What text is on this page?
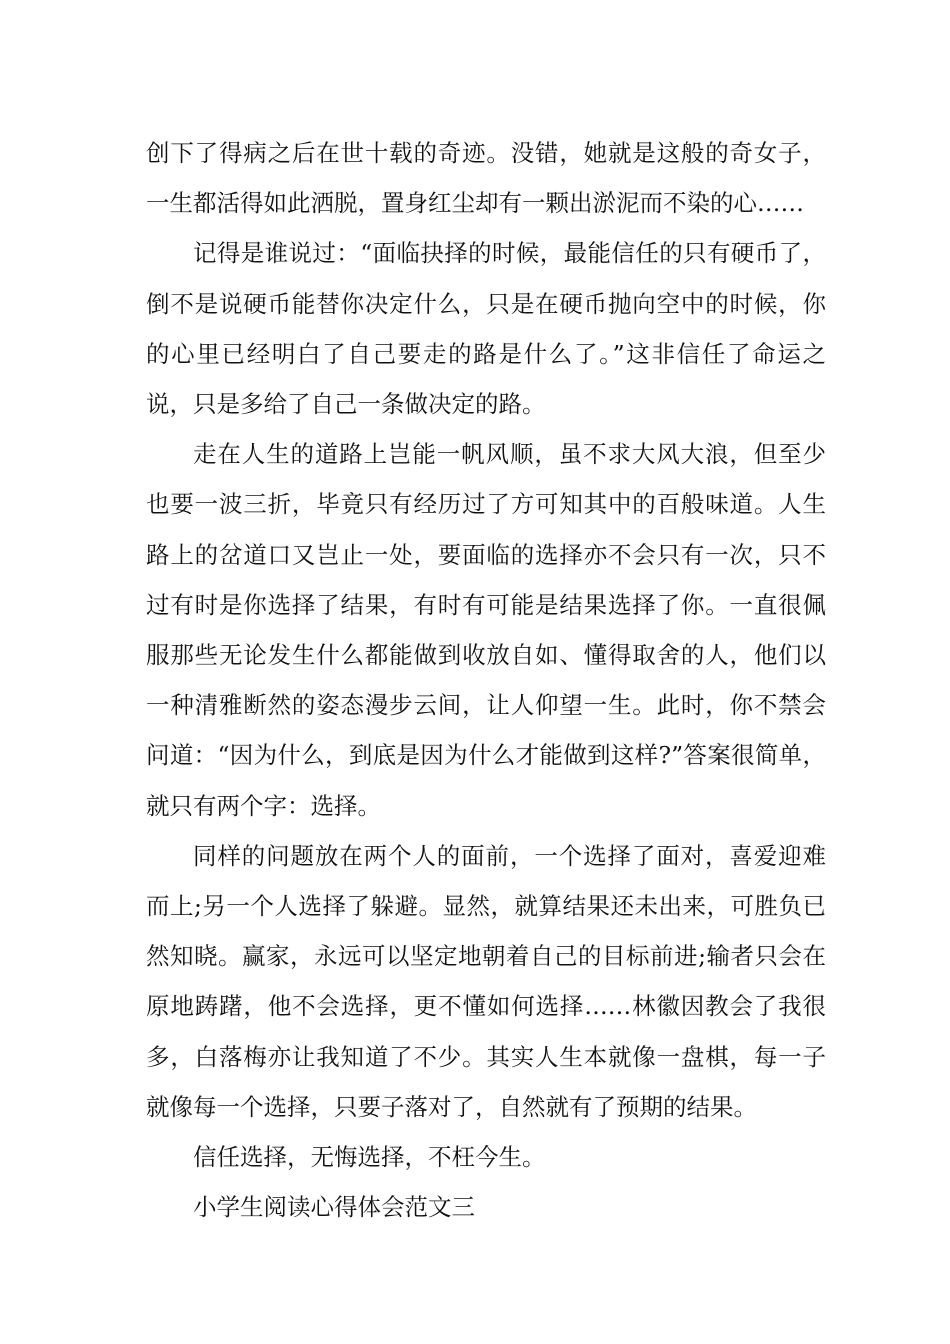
创下了得病之后在世十载的奇迹。没错，她就是这般的奇女子，一生都活得如此洒脱，置身红尘却有一颗出淤泥而不染的心……

记得是谁说过：“面临抉择的时候，最能信任的只有硬币了，倒不是说硬币能替你决定什么，只是在硬币抛向空中的时候，你的心里已经明白了自己要走的路是什么了。”这非信任了命运之说，只是多给了自己一条做决定的路。

走在人生的道路上岂能一帆风顺，虽不求大风大浪，但至少也要一波三折，毕竟只有经历过了方可知其中的百般味道。人生路上的岔道口又岂止一处，要面临的选择亦不会只有一次，只不过有时是你选择了结果，有时有可能是结果选择了你。一直很佩服那些无论发生什么都能做到收放自如、懂得取舍的人，他们以一种清雅断然的姿态漫步云间，让人仰望一生。此时，你不禁会问道：“因为什么，到底是因为什么才能做到这样?”答案很简单，就只有两个字：选择。

同样的问题放在两个人的面前，一个选择了面对，喜爱迎难而上;另一个人选择了躲避。显然，就算结果还未出来，可胜负已然知晓。赢家，永远可以坚定地朝着自己的目标前进;输者只会在原地踌躇，他不会选择，更不懂如何选择……林徽因教会了我很多，白落梅亦让我知道了不少。其实人生本就像一盘棋，每一子就像每一个选择，只要子落对了，自然就有了预期的结果。

信任选择，无悔选择，不枉今生。

小学生阅读心得体会范文三
